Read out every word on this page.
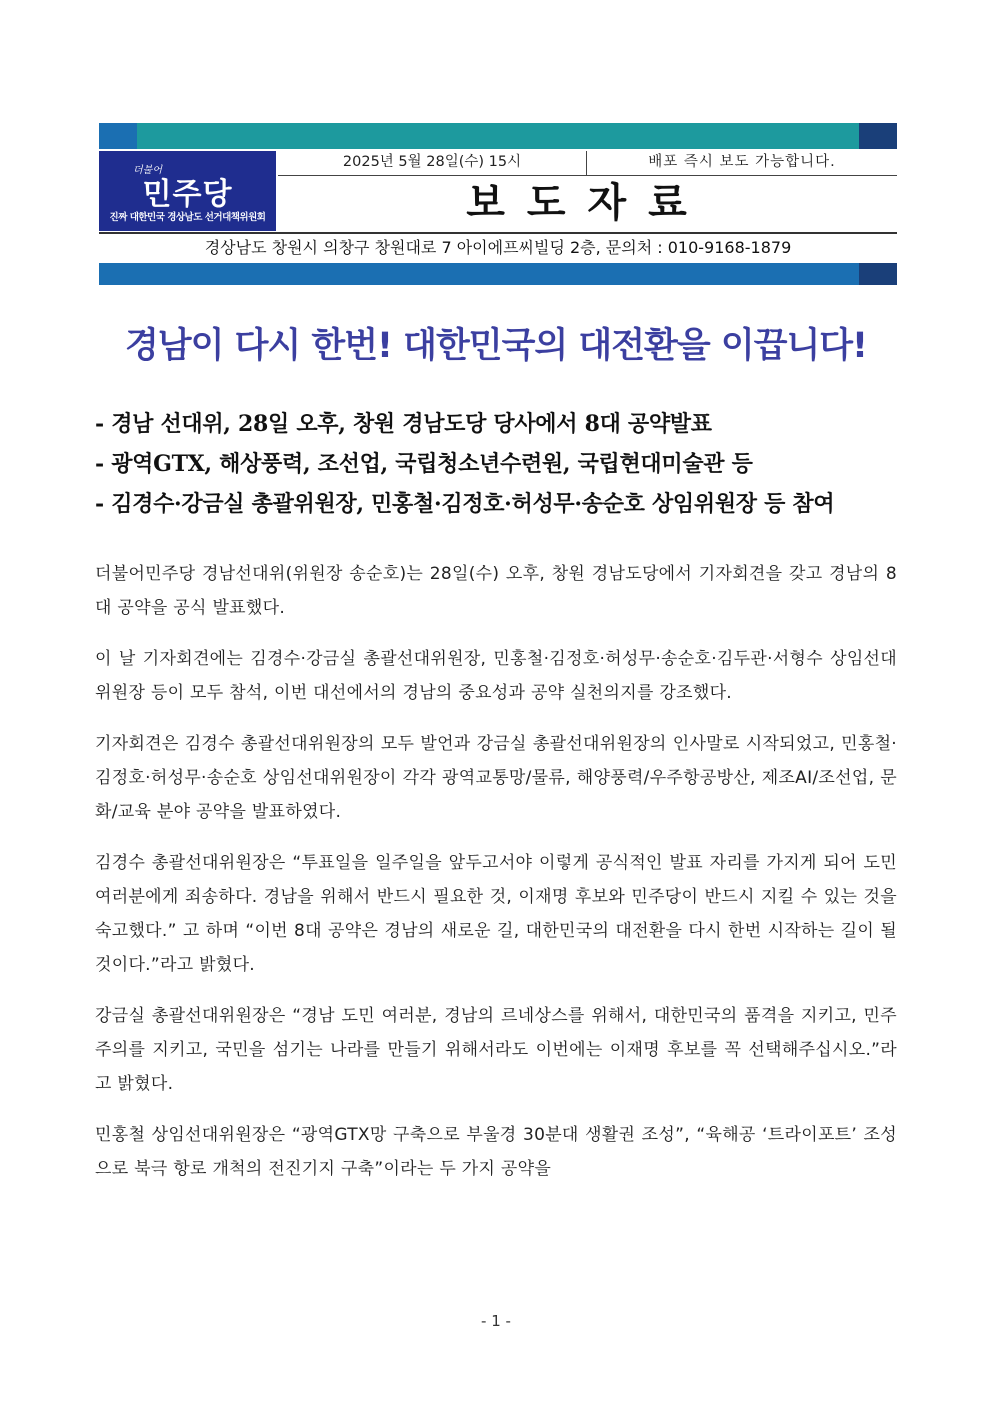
더불어
민주당
진짜 대한민국 경상남도 선거대책위원회
2025년 5월 28일(수) 15시	배포 즉시 보도 가능합니다.
보도자료
경상남도 창원시 의창구 창원대로 7 아이에프씨빌딩 2층, 문의처 : 010-9168-1879
경남이 다시 한번! 대한민국의 대전환을 이끕니다!
- 경남 선대위, 28일 오후, 창원 경남도당 당사에서 8대 공약발표
- 광역GTX, 해상풍력, 조선업, 국립청소년수련원, 국립현대미술관 등
- 김경수·강금실 총괄위원장, 민홍철·김정호·허성무·송순호 상임위원장 등 참여

더불어민주당 경남선대위(위원장 송순호)는 28일(수) 오후, 창원 경남도당에서 기자회견을 갖고 경남의 8대 공약을 공식 발표했다.

이 날 기자회견에는 김경수·강금실 총괄선대위원장, 민홍철·김정호·허성무·송순호·김두관·서형수 상임선대위원장 등이 모두 참석, 이번 대선에서의 경남의 중요성과 공약 실천의지를 강조했다.

기자회견은 김경수 총괄선대위원장의 모두 발언과 강금실 총괄선대위원장의 인사말로 시작되었고, 민홍철·김정호·허성무·송순호 상임선대위원장이 각각 광역교통망/물류, 해양풍력/우주항공방산, 제조AI/조선업, 문화/교육 분야 공약을 발표하였다.

김경수 총괄선대위원장은 “투표일을 일주일을 앞두고서야 이렇게 공식적인 발표 자리를 가지게 되어 도민 여러분에게 죄송하다. 경남을 위해서 반드시 필요한 것, 이재명 후보와 민주당이 반드시 지킬 수 있는 것을 숙고했다.” 고 하며 “이번 8대 공약은 경남의 새로운 길, 대한민국의 대전환을 다시 한번 시작하는 길이 될 것이다.”라고 밝혔다.

강금실 총괄선대위원장은 “경남 도민 여러분, 경남의 르네상스를 위해서, 대한민국의 품격을 지키고, 민주주의를 지키고, 국민을 섬기는 나라를 만들기 위해서라도 이번에는 이재명 후보를 꼭 선택해주십시오.”라고 밝혔다.

민홍철 상임선대위원장은 “광역GTX망 구축으로 부울경 30분대 생활권 조성”, “육해공 ‘트라이포트’ 조성으로 북극 항로 개척의 전진기지 구축”이라는 두 가지 공약을

- 1 -
